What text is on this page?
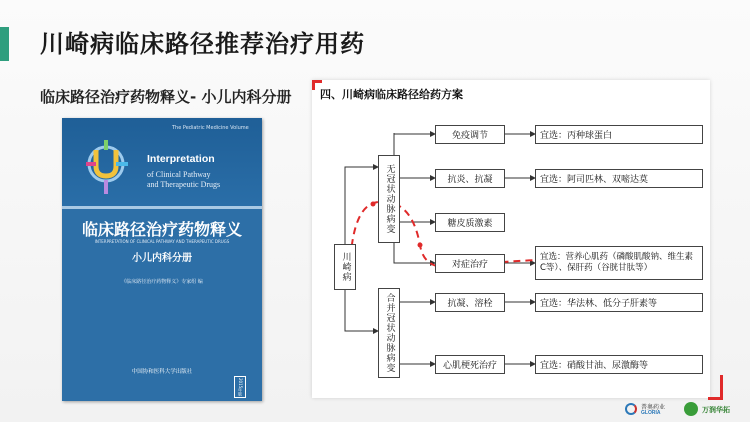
川崎病临床路径推荐治疗用药
临床路径治疗药物释义- 小儿内科分册
The Pediatric Medicine Volume
Interpretation
of Clinical Pathway
and Therapeutic Drugs
临床路径治疗药物释义
INTERPRETATION OF CLINICAL PATHWAY AND THERAPEUTIC DRUGS
小儿内科分册
《临床路径治疗药物释义》专家组 编
中国协和医科大学出版社
2015年版
四、川崎病临床路径给药方案
川崎病
无冠状动脉病变
合并冠状动脉病变
免疫调节
抗炎、抗凝
糖皮质激素
对症治疗
抗凝、溶栓
心肌梗死治疗
宜选：丙种球蛋白
宜选：阿司匹林、双嘧达莫
宜选：营养心肌药（磷酸肌酸钠、维生素C等）、保肝药（谷胱甘肽等）
宜选：华法林、低分子肝素等
宜选：硝酸甘油、尿激酶等
普奥药业
GLORIA	万润华拓
